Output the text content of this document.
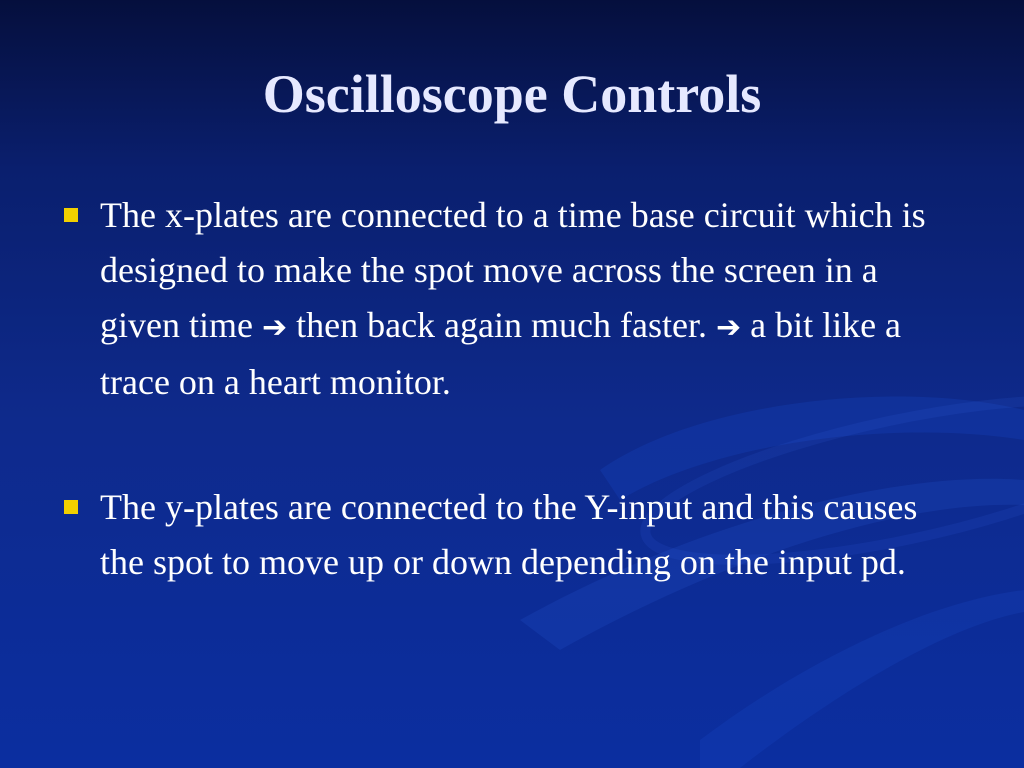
Oscilloscope Controls
The x-plates are connected to a time base circuit which is designed to make the spot move across the screen in a given time ➔ then back again much faster. ➔ a bit like a trace on a heart monitor.
The y-plates are connected to the Y-input and this causes the spot to move up or down depending on the input pd.
